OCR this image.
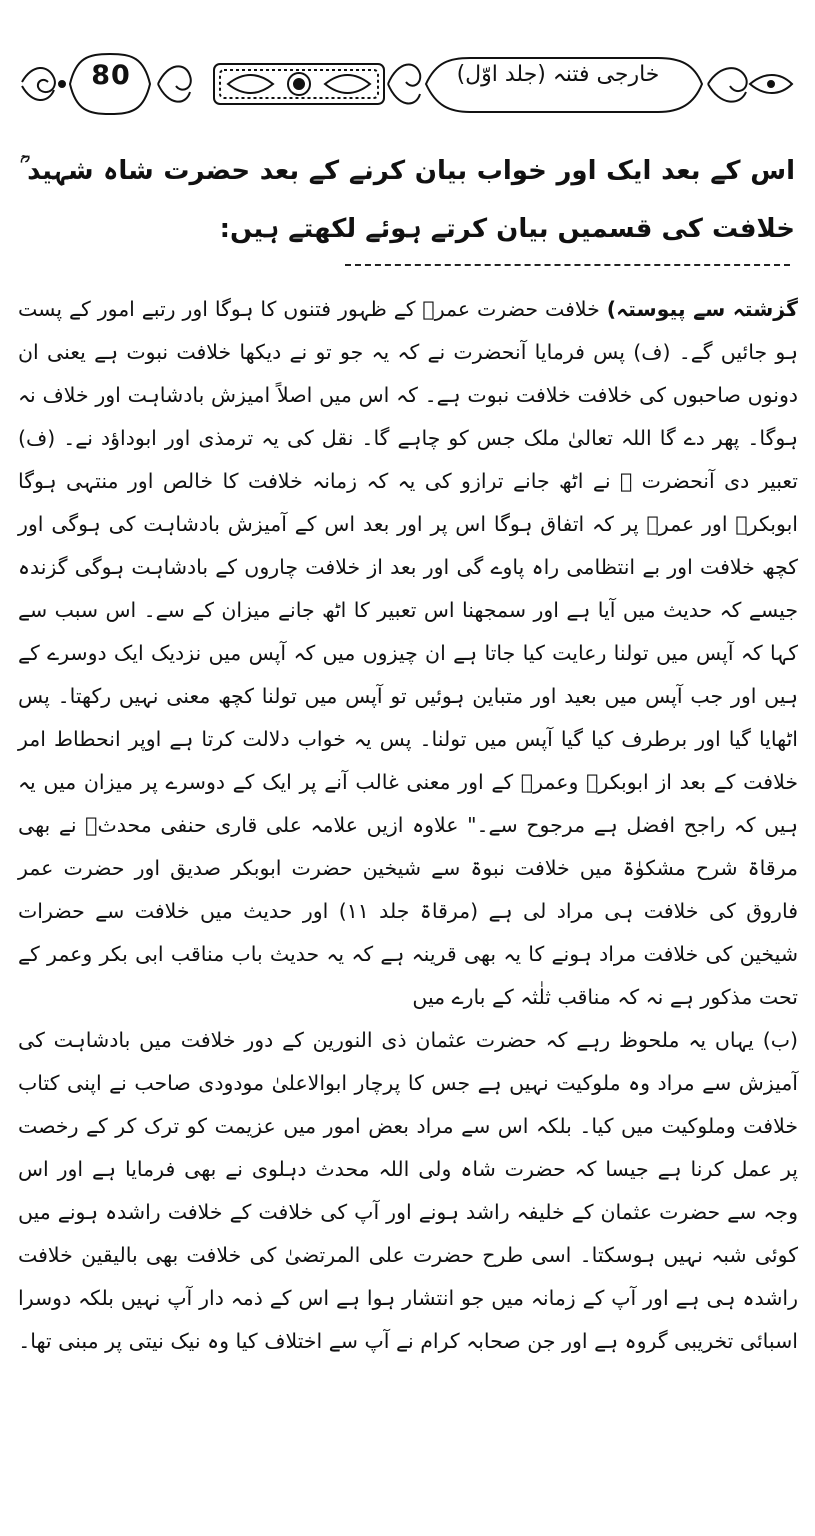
80	خارجی فتنہ (جلد اوّل)
اس کے بعد ایک اور خواب بیان کرنے کے بعد حضرت شاہ شہید ؒ خلافت کی قسمیں بیان کرتے ہوئے لکھتے ہیں:

گزشتہ سے پیوستہ) خلافت حضرت عمرؓ کے ظہور فتنوں کا ہوگا اور رتبے امور کے پست ہو جائیں گے۔ (ف) پس فرمایا آنحضرت نے کہ یہ جو تو نے دیکھا خلافت نبوت ہے یعنی ان دونوں صاحبوں کی خلافت خلافت نبوت ہے۔ کہ اس میں اصلاً امیزش بادشاہت اور خلاف نہ ہوگا۔ پھر دے گا اللہ تعالیٰ ملک جس کو چاہے گا۔ نقل کی یہ ترمذی اور ابوداؤد نے۔ (ف) تعبیر دی آنحضرت ؐ نے اٹھ جانے ترازو کی یہ کہ زمانہ خلافت کا خالص اور منتہی ہوگا ابوبکرؓ اور عمرؓ پر کہ اتفاق ہوگا اس پر اور بعد اس کے آمیزش بادشاہت کی ہوگی اور کچھ خلافت اور بے انتظامی راہ پاوے گی اور بعد از خلافت چاروں کے بادشاہت ہوگی گزندہ جیسے کہ حدیث میں آیا ہے اور سمجھنا اس تعبیر کا اٹھ جانے میزان کے سے۔ اس سبب سے کہا کہ آپس میں تولنا رعایت کیا جاتا ہے ان چیزوں میں کہ آپس میں نزدیک ایک دوسرے کے ہیں اور جب آپس میں بعید اور متباین ہوئیں تو آپس میں تولنا کچھ معنی نہیں رکھتا۔ پس اٹھایا گیا اور برطرف کیا گیا آپس میں تولنا۔ پس یہ خواب دلالت کرتا ہے اوپر انحطاط امر خلافت کے بعد از ابوبکرؓ وعمرؓ کے اور معنی غالب آنے پر ایک کے دوسرے پر میزان میں یہ ہیں کہ راجح افضل ہے مرجوح سے۔" علاوہ ازیں علامہ علی قاری حنفی محدثؒ نے بھی مرقاۃ شرح مشکوٰۃ میں خلافت نبوۃ سے شیخین حضرت ابوبکر صدیق اور حضرت عمر فاروق کی خلافت ہی مراد لی ہے (مرقاۃ جلد ۱۱) اور حدیث میں خلافت سے حضرات شیخین کی خلافت مراد ہونے کا یہ بھی قرینہ ہے کہ یہ حدیث باب مناقب ابی بکر وعمر کے تحت مذکور ہے نہ کہ مناقب ثلٰثہ کے بارے میں

(ب) یہاں یہ ملحوظ رہے کہ حضرت عثمان ذی النورین کے دور خلافت میں بادشاہت کی آمیزش سے مراد وہ ملوکیت نہیں ہے جس کا پرچار ابوالاعلیٰ مودودی صاحب نے اپنی کتاب خلافت وملوکیت میں کیا۔ بلکہ اس سے مراد بعض امور میں عزیمت کو ترک کر کے رخصت پر عمل کرنا ہے جیسا کہ حضرت شاہ ولی اللہ محدث دہلوی نے بھی فرمایا ہے اور اس وجہ سے حضرت عثمان کے خلیفہ راشد ہونے اور آپ کی خلافت کے خلافت راشدہ ہونے میں کوئی شبہ نہیں ہوسکتا۔ اسی طرح حضرت علی المرتضیٰ کی خلافت بھی بالیقین خلافت راشدہ ہی ہے اور آپ کے زمانہ میں جو انتشار ہوا ہے اس کے ذمہ دار آپ نہیں بلکہ دوسرا اسبائی تخریبی گروہ ہے اور جن صحابہ کرام نے آپ سے اختلاف کیا وہ نیک نیتی پر مبنی تھا۔
